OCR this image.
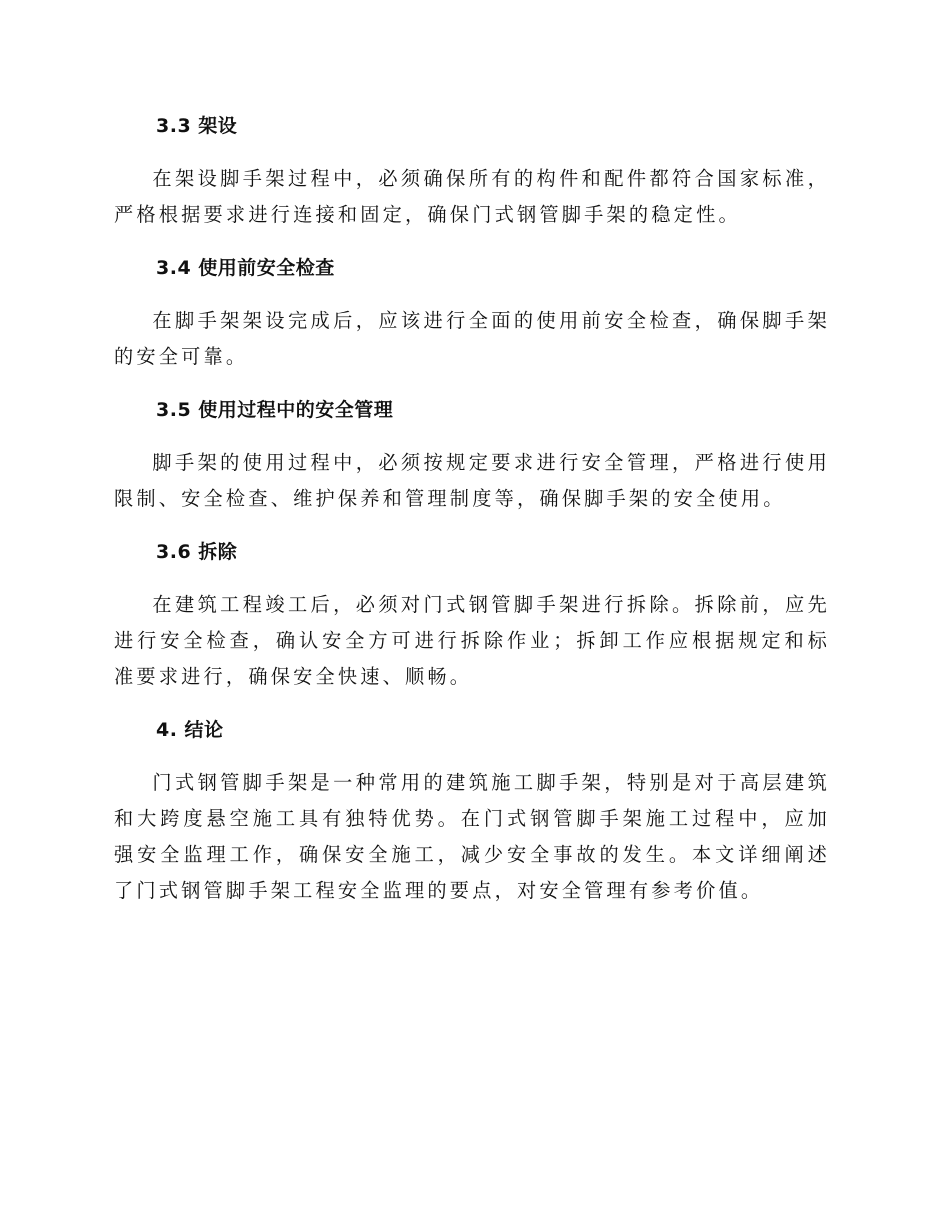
3.3 架设

在架设脚手架过程中，必须确保所有的构件和配件都符合国家标准，严格根据要求进行连接和固定，确保门式钢管脚手架的稳定性。

3.4 使用前安全检查

在脚手架架设完成后，应该进行全面的使用前安全检查，确保脚手架的安全可靠。

3.5 使用过程中的安全管理

脚手架的使用过程中，必须按规定要求进行安全管理，严格进行使用限制、安全检查、维护保养和管理制度等，确保脚手架的安全使用。

3.6 拆除

在建筑工程竣工后，必须对门式钢管脚手架进行拆除。拆除前，应先进行安全检查，确认安全方可进行拆除作业；拆卸工作应根据规定和标准要求进行，确保安全快速、顺畅。

4. 结论

门式钢管脚手架是一种常用的建筑施工脚手架，特别是对于高层建筑和大跨度悬空施工具有独特优势。在门式钢管脚手架施工过程中，应加强安全监理工作，确保安全施工，减少安全事故的发生。本文详细阐述了门式钢管脚手架工程安全监理的要点，对安全管理有参考价值。
